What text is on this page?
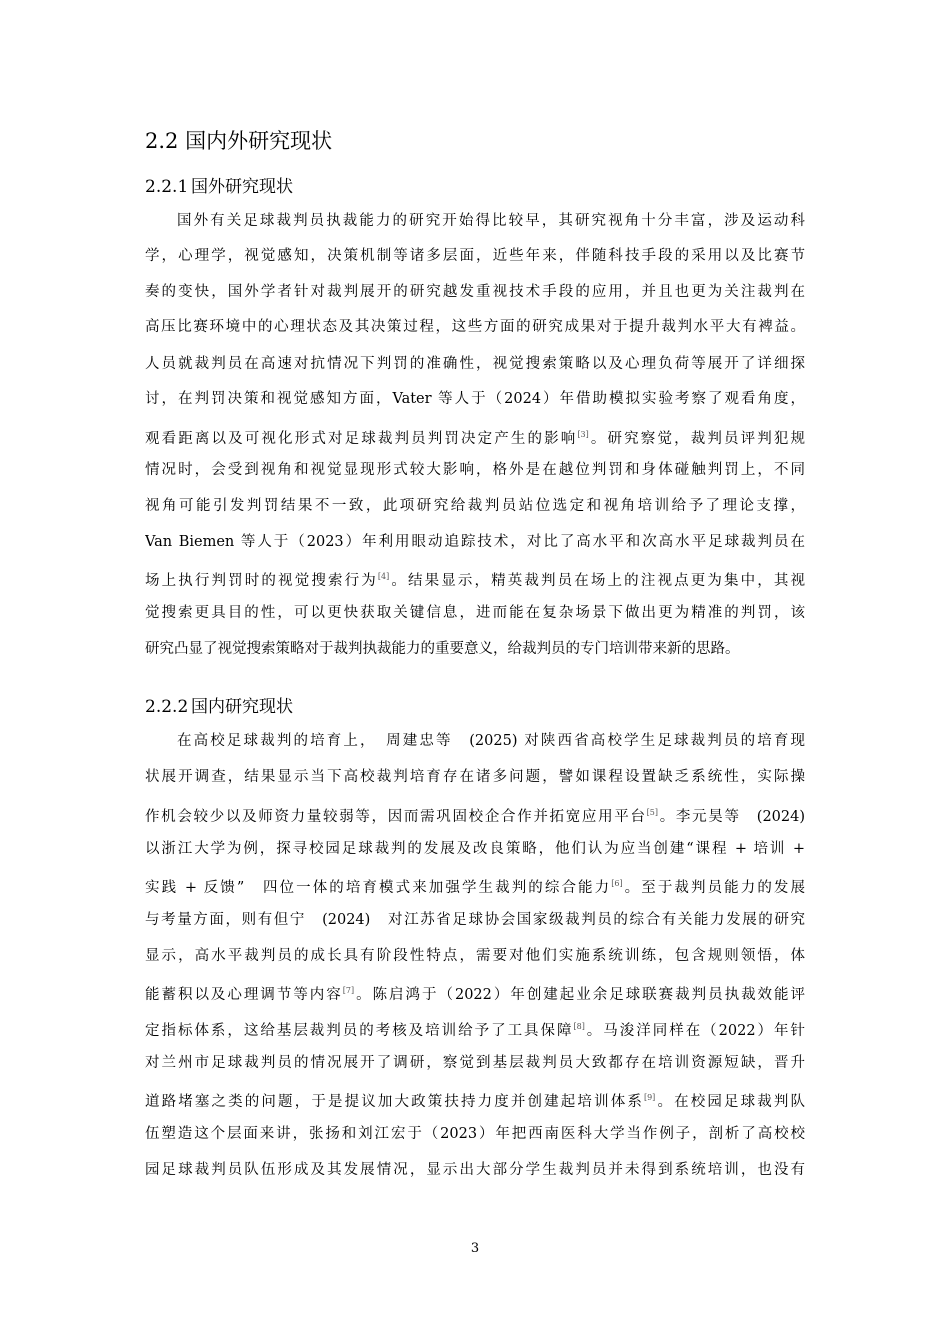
2.2 国内外研究现状
2.2.1 国外研究现状
国外有关足球裁判员执裁能力的研究开始得比较早，其研究视角十分丰富，涉及运动科
学，心理学，视觉感知，决策机制等诸多层面，近些年来，伴随科技手段的采用以及比赛节
奏的变快，国外学者针对裁判展开的研究越发重视技术手段的应用，并且也更为关注裁判在
高压比赛环境中的心理状态及其决策过程，这些方面的研究成果对于提升裁判水平大有裨益。
人员就裁判员在高速对抗情况下判罚的准确性，视觉搜索策略以及心理负荷等展开了详细探
讨，在判罚决策和视觉感知方面，Vater 等人于（2024）年借助模拟实验考察了观看角度，
观看距离以及可视化形式对足球裁判员判罚决定产生的影响[3]。研究察觉，裁判员评判犯规
情况时，会受到视角和视觉显现形式较大影响，格外是在越位判罚和身体碰触判罚上，不同
视角可能引发判罚结果不一致，此项研究给裁判员站位选定和视角培训给予了理论支撑，
Van Biemen 等人于（2023）年利用眼动追踪技术，对比了高水平和次高水平足球裁判员在
场上执行判罚时的视觉搜索行为[4]。结果显示，精英裁判员在场上的注视点更为集中，其视
觉搜索更具目的性，可以更快获取关键信息，进而能在复杂场景下做出更为精准的判罚，该
研究凸显了视觉搜索策略对于裁判执裁能力的重要意义，给裁判员的专门培训带来新的思路。
2.2.2 国内研究现状
在高校足球裁判的培育上，　周建忠等　(2025) 对陕西省高校学生足球裁判员的培育现
状展开调查，结果显示当下高校裁判培育存在诸多问题，譬如课程设置缺乏系统性，实际操
作机会较少以及师资力量较弱等，因而需巩固校企合作并拓宽应用平台[5]。李元昊等　(2024)
以浙江大学为例，探寻校园足球裁判的发展及改良策略，他们认为应当创建“课程 + 培训 +
实践 + 反馈”　四位一体的培育模式来加强学生裁判的综合能力[6]。至于裁判员能力的发展
与考量方面，则有但宁　(2024)　对江苏省足球协会国家级裁判员的综合有关能力发展的研究
显示，高水平裁判员的成长具有阶段性特点，需要对他们实施系统训练，包含规则领悟，体
能蓄积以及心理调节等内容[7]。陈启鸿于（2022）年创建起业余足球联赛裁判员执裁效能评
定指标体系，这给基层裁判员的考核及培训给予了工具保障[8]。马浚洋同样在（2022）年针
对兰州市足球裁判员的情况展开了调研，察觉到基层裁判员大致都存在培训资源短缺，晋升
道路堵塞之类的问题，于是提议加大政策扶持力度并创建起培训体系[9]。在校园足球裁判队
伍塑造这个层面来讲，张扬和刘江宏于（2023）年把西南医科大学当作例子，剖析了高校校
园足球裁判员队伍形成及其发展情况，显示出大部分学生裁判员并未得到系统培训，也没有
3
